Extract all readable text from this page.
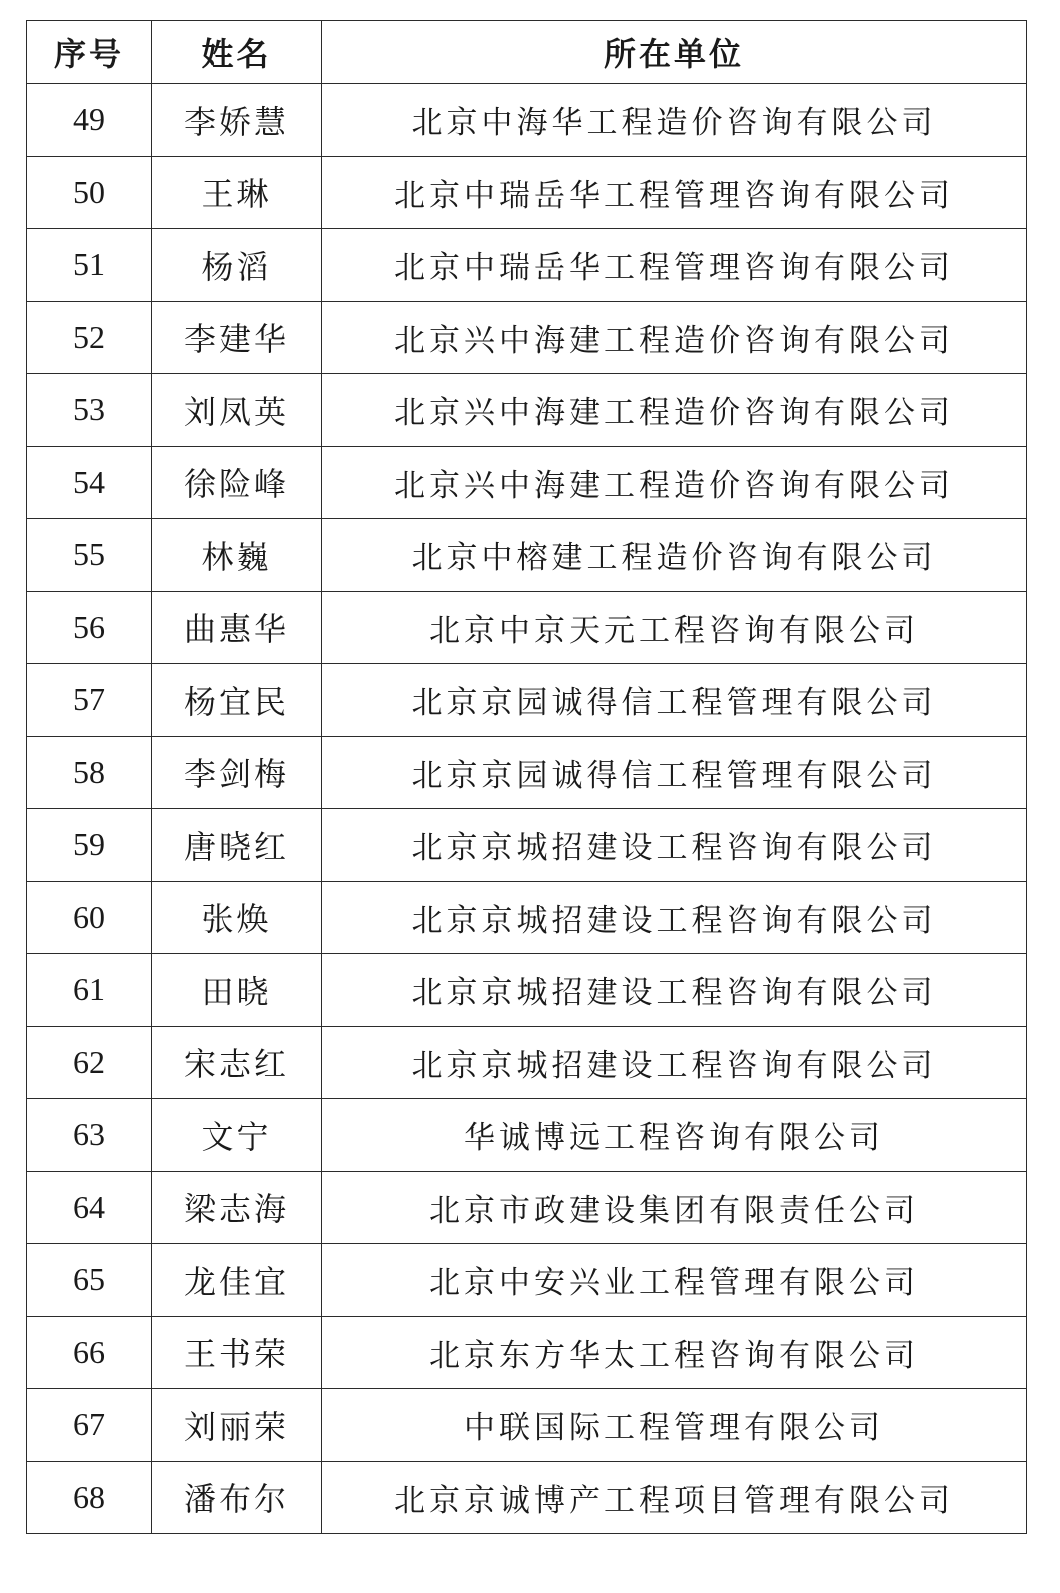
序号	姓名	所在单位
49	李娇慧	北京中海华工程造价咨询有限公司
50	王琳	北京中瑞岳华工程管理咨询有限公司
51	杨滔	北京中瑞岳华工程管理咨询有限公司
52	李建华	北京兴中海建工程造价咨询有限公司
53	刘凤英	北京兴中海建工程造价咨询有限公司
54	徐险峰	北京兴中海建工程造价咨询有限公司
55	林巍	北京中榕建工程造价咨询有限公司
56	曲惠华	北京中京天元工程咨询有限公司
57	杨宜民	北京京园诚得信工程管理有限公司
58	李剑梅	北京京园诚得信工程管理有限公司
59	唐晓红	北京京城招建设工程咨询有限公司
60	张焕	北京京城招建设工程咨询有限公司
61	田晓	北京京城招建设工程咨询有限公司
62	宋志红	北京京城招建设工程咨询有限公司
63	文宁	华诚博远工程咨询有限公司
64	梁志海	北京市政建设集团有限责任公司
65	龙佳宜	北京中安兴业工程管理有限公司
66	王书荣	北京东方华太工程咨询有限公司
67	刘丽荣	中联国际工程管理有限公司
68	潘布尔	北京京诚博产工程项目管理有限公司
